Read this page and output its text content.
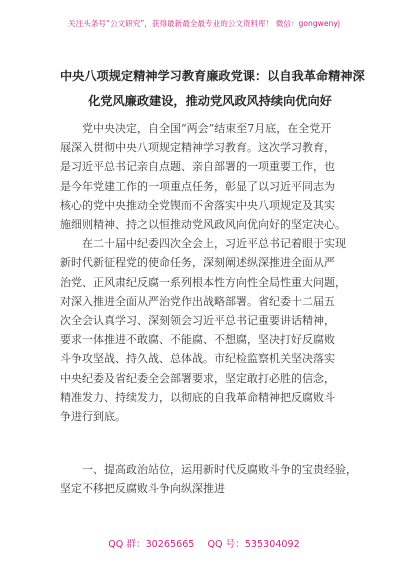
关注头条号“公文研究”，获得最新最全最专业的公文资料库！ 微信：gongwenyj
中央八项规定精神学习教育廉政党课：以自我革命精神深
化党风廉政建设，推动党风政风持续向优向好
　　党中央决定，自全国“两会”结束至7月底，在全党开
展深入贯彻中央八项规定精神学习教育。这次学习教育，
是习近平总书记亲自点题、亲自部署的一项重要工作，也
是今年党建工作的一项重点任务，彰显了以习近平同志为
核心的党中央推动全党锲而不舍落实中央八项规定及其实
施细则精神、持之以恒推动党风政风向优向好的坚定决心。
　　在二十届中纪委四次全会上，习近平总书记着眼于实现
新时代新征程党的使命任务，深刻阐述纵深推进全面从严
治党、正风肃纪反腐一系列根本性方向性全局性重大问题，
对深入推进全面从严治党作出战略部署。省纪委十二届五
次全会认真学习、深刻领会习近平总书记重要讲话精神，
要求一体推进不敢腐、不能腐、不想腐，坚决打好反腐败
斗争攻坚战、持久战、总体战。市纪检监察机关坚决落实
中央纪委及省纪委全会部署要求，坚定敢打必胜的信念，
精准发力、持续发力，以彻底的自我革命精神把反腐败斗
争进行到底。
　　一、提高政治站位，运用新时代反腐败斗争的宝贵经验，
坚定不移把反腐败斗争向纵深推进
QQ 群：30265665 QQ 号：535304092
